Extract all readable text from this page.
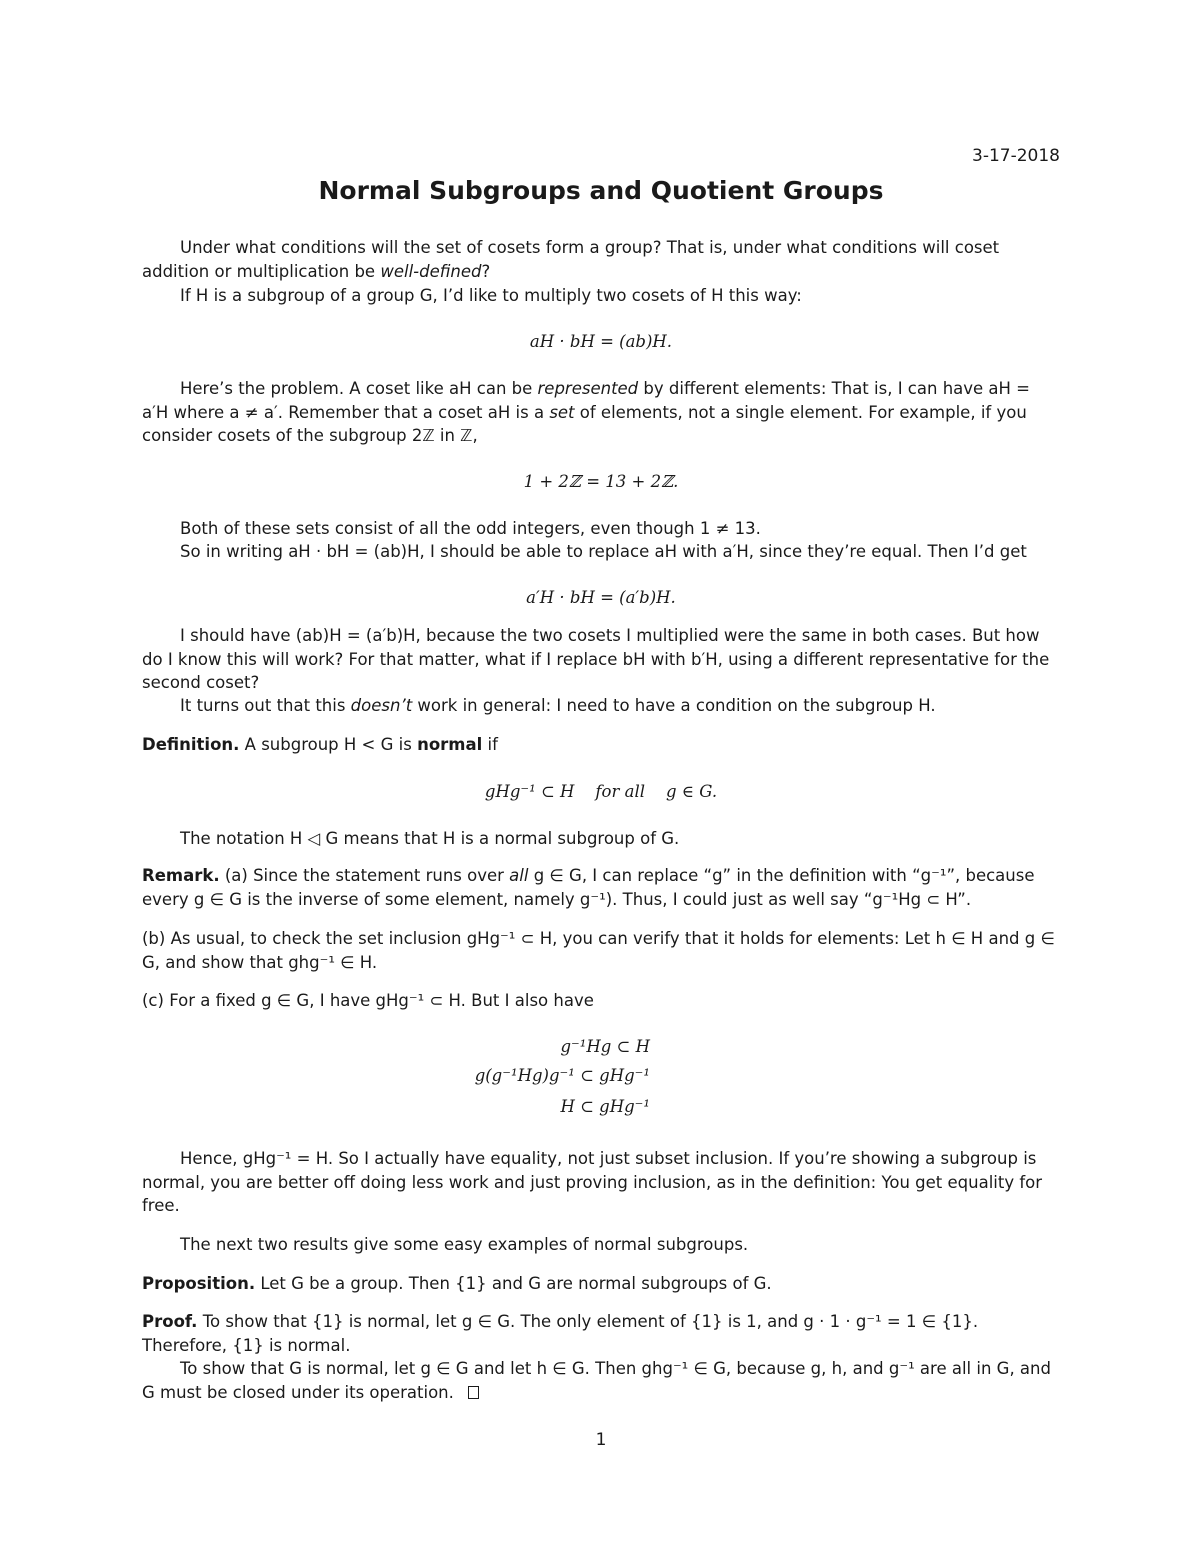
3-17-2018
Normal Subgroups and Quotient Groups
Under what conditions will the set of cosets form a group? That is, under what conditions will coset addition or multiplication be well-defined?
If H is a subgroup of a group G, I’d like to multiply two cosets of H this way:
aH · bH = (ab)H.
Here’s the problem. A coset like aH can be represented by different elements: That is, I can have aH = a′H where a ≠ a′. Remember that a coset aH is a set of elements, not a single element. For example, if you consider cosets of the subgroup 2ℤ in ℤ,
1 + 2ℤ = 13 + 2ℤ.
Both of these sets consist of all the odd integers, even though 1 ≠ 13.
So in writing aH · bH = (ab)H, I should be able to replace aH with a′H, since they’re equal. Then I’d get
a′H · bH = (a′b)H.
I should have (ab)H = (a′b)H, because the two cosets I multiplied were the same in both cases. But how do I know this will work? For that matter, what if I replace bH with b′H, using a different representative for the second coset?
It turns out that this doesn’t work in general: I need to have a condition on the subgroup H.
Definition. A subgroup H < G is normal if
gHg⁻¹ ⊂ H    for all    g ∈ G.
The notation H ◁ G means that H is a normal subgroup of G.
Remark. (a) Since the statement runs over all g ∈ G, I can replace “g” in the definition with “g⁻¹”, because every g ∈ G is the inverse of some element, namely g⁻¹). Thus, I could just as well say “g⁻¹Hg ⊂ H”.
(b) As usual, to check the set inclusion gHg⁻¹ ⊂ H, you can verify that it holds for elements: Let h ∈ H and g ∈ G, and show that ghg⁻¹ ∈ H.
(c) For a fixed g ∈ G, I have gHg⁻¹ ⊂ H. But I also have
g⁻¹Hg ⊂ H
g(g⁻¹Hg)g⁻¹ ⊂ gHg⁻¹
H ⊂ gHg⁻¹
Hence, gHg⁻¹ = H. So I actually have equality, not just subset inclusion. If you’re showing a subgroup is normal, you are better off doing less work and just proving inclusion, as in the definition: You get equality for free.
The next two results give some easy examples of normal subgroups.
Proposition. Let G be a group. Then {1} and G are normal subgroups of G.
Proof. To show that {1} is normal, let g ∈ G. The only element of {1} is 1, and g · 1 · g⁻¹ = 1 ∈ {1}. Therefore, {1} is normal.
To show that G is normal, let g ∈ G and let h ∈ G. Then ghg⁻¹ ∈ G, because g, h, and g⁻¹ are all in G, and G must be closed under its operation.
1
